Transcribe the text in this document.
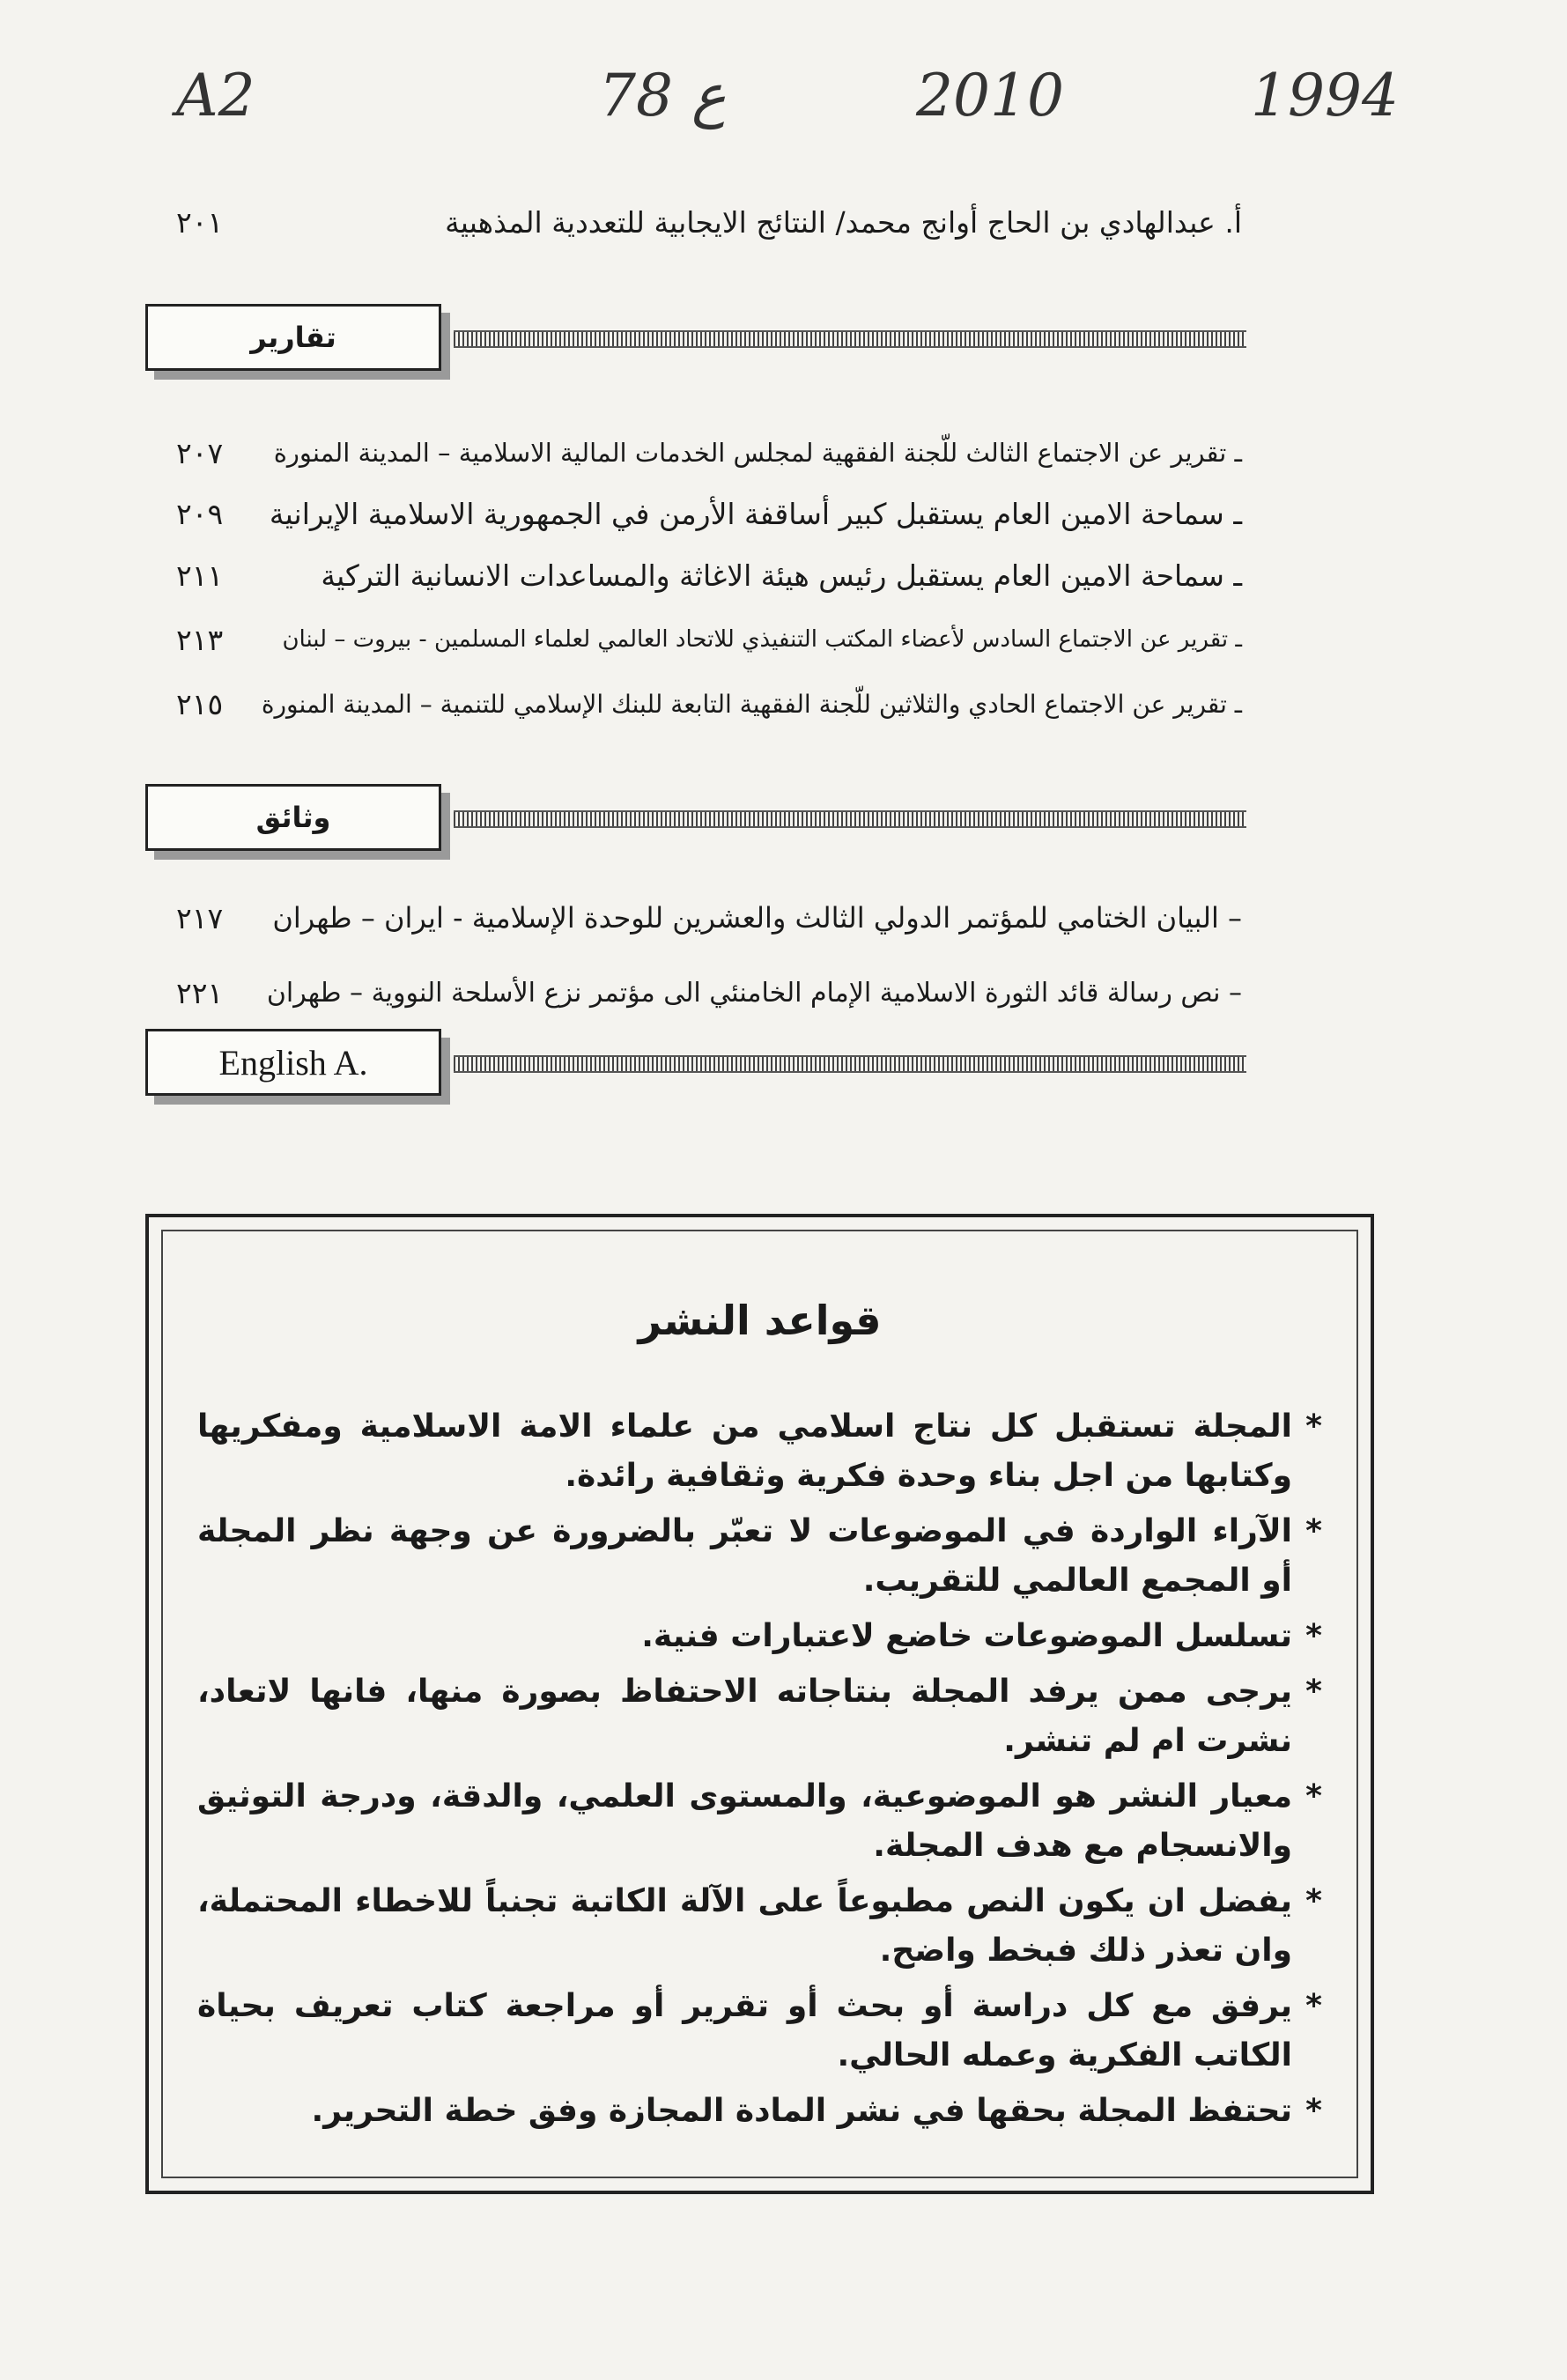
A2	78 ع	2010	1994
أ. عبدالهادي بن الحاج أوانج محمد/ النتائج الايجابية للتعددية المذهبية
٢٠١
تقارير
ـ تقرير عن الاجتماع الثالث للّجنة الفقهية لمجلس الخدمات المالية الاسلامية – المدينة المنورة
٢٠٧
ـ سماحة الامين العام يستقبل كبير أساقفة الأرمن في الجمهورية الاسلامية الإيرانية
٢٠٩
ـ سماحة الامين العام يستقبل رئيس هيئة الاغاثة والمساعدات الانسانية التركية
٢١١
ـ تقرير عن الاجتماع السادس لأعضاء المكتب التنفيذي للاتحاد العالمي لعلماء المسلمين - بيروت – لبنان
٢١٣
ـ تقرير عن الاجتماع الحادي والثلاثين للّجنة الفقهية التابعة للبنك الإسلامي للتنمية – المدينة المنورة
٢١٥
وثائق
– البيان الختامي للمؤتمر الدولي الثالث والعشرين للوحدة الإسلامية - ايران – طهران
٢١٧
– نص رسالة قائد الثورة الاسلامية الإمام الخامنئي الى مؤتمر نزع الأسلحة النووية – طهران
٢٢١
English A.
قواعد النشر
*
المجلة تستقبل كل نتاج اسلامي من علماء الامة الاسلامية ومفكريها وكتابها من اجل بناء وحدة فكرية وثقافية رائدة.
*
الآراء الواردة في الموضوعات لا تعبّر بالضرورة عن وجهة نظر المجلة أو المجمع العالمي للتقريب.
*
تسلسل الموضوعات خاضع لاعتبارات فنية.
*
يرجى ممن يرفد المجلة بنتاجاته الاحتفاظ بصورة منها، فانها لاتعاد، نشرت ام لم تنشر.
*
معيار النشر هو الموضوعية، والمستوى العلمي، والدقة، ودرجة التوثيق والانسجام مع هدف المجلة.
*
يفضل ان يكون النص مطبوعاً على الآلة الكاتبة تجنباً للاخطاء المحتملة، وان تعذر ذلك فبخط واضح.
*
يرفق مع كل دراسة أو بحث أو تقرير أو مراجعة كتاب تعريف بحياة الكاتب الفكرية وعمله الحالي.
*
تحتفظ المجلة بحقها في نشر المادة المجازة وفق خطة التحرير.
